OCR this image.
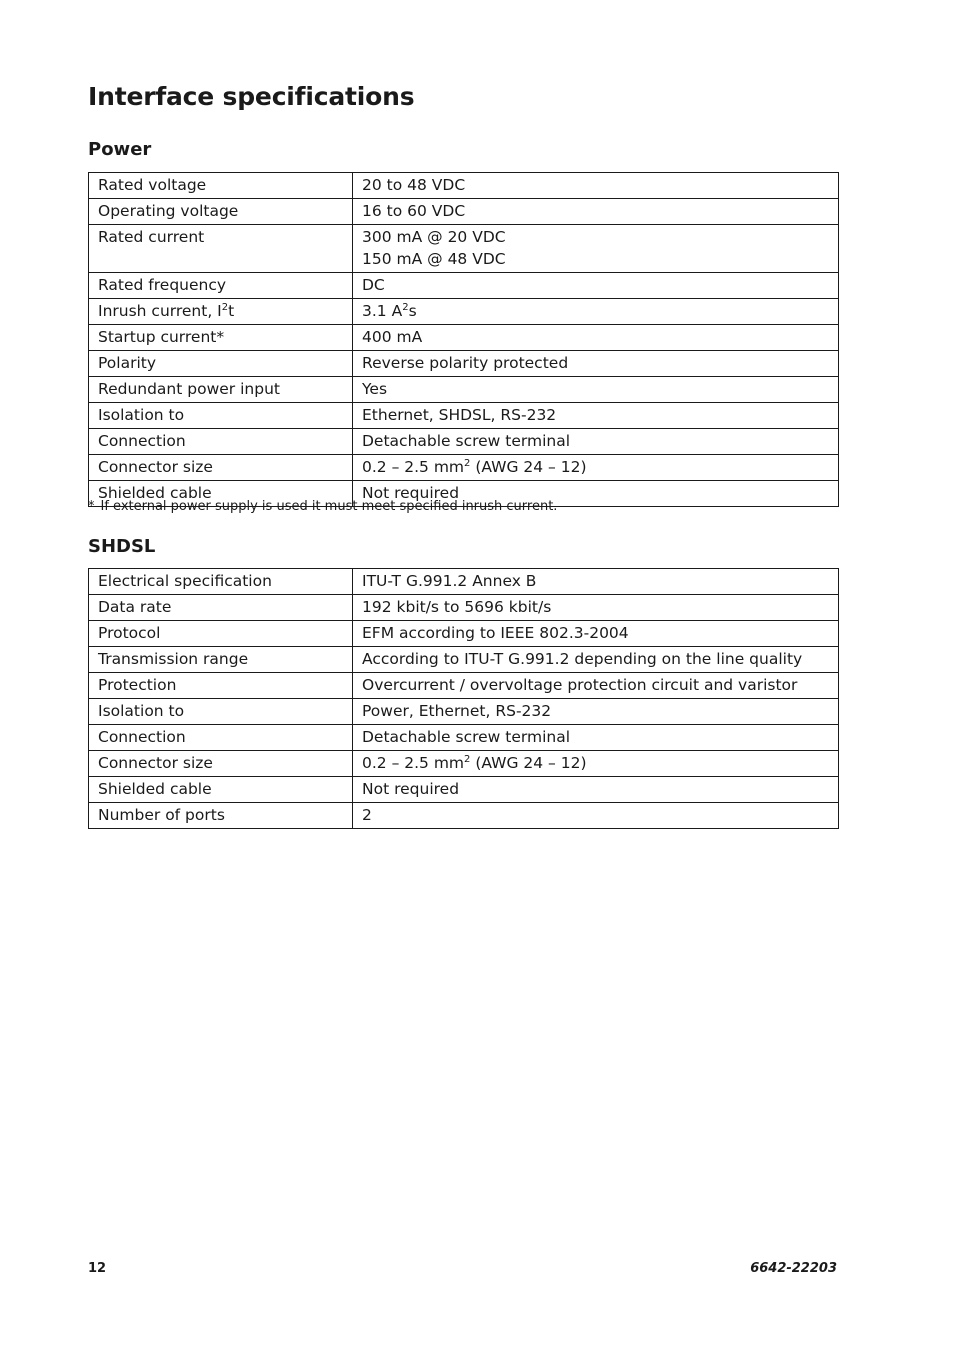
Interface specifications
Power
Rated voltage	20 to 48 VDC
Operating voltage	16 to 60 VDC
Rated current	300 mA @ 20 VDC
150 mA @ 48 VDC

Rated frequency	DC
Inrush current, $I^2t$	3.1 $A^2s$
Startup current*	400 mA
Polarity	Reverse polarity protected
Redundant power input	Yes
Isolation to	Ethernet, SHDSL, RS-232
Connection	Detachable screw terminal
Connector size	0.2 – 2.5 $mm^2$ (AWG 24 – 12)
Shielded cable	Not required
* If external power supply is used it must meet specified inrush current.
SHDSL
Electrical specification	ITU-T G.991.2 Annex B
Data rate	192 kbit/s to 5696 kbit/s
Protocol	EFM according to IEEE 802.3-2004
Transmission range	According to ITU-T G.991.2 depending on the line quality
Protection	Overcurrent / overvoltage protection circuit and varistor
Isolation to	Power, Ethernet, RS-232
Connection	Detachable screw terminal
Connector size	0.2 – 2.5 $mm^2$ (AWG 24 – 12)
Shielded cable	Not required
Number of ports	2
12	6642-22203
